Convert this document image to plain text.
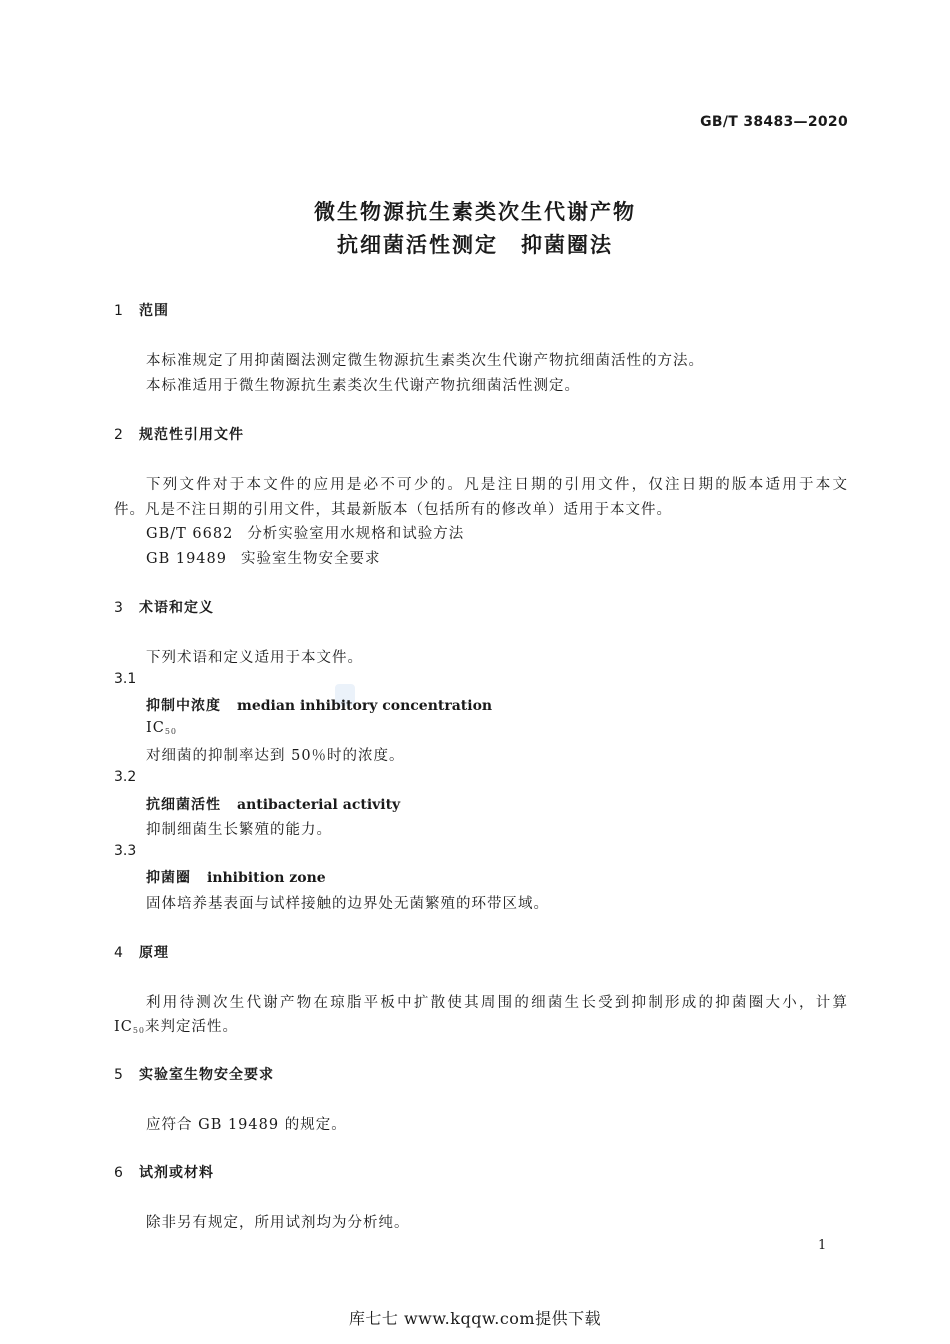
GB/T 38483—2020
微生物源抗生素类次生代谢产物
抗细菌活性测定　抑菌圈法
1 范围
本标准规定了用抑菌圈法测定微生物源抗生素类次生代谢产物抗细菌活性的方法。
本标准适用于微生物源抗生素类次生代谢产物抗细菌活性测定。
2 规范性引用文件
下列文件对于本文件的应用是必不可少的。凡是注日期的引用文件，仅注日期的版本适用于本文
件。凡是不注日期的引用文件，其最新版本（包括所有的修改单）适用于本文件。
GB/T 6682 分析实验室用水规格和试验方法
GB 19489 实验室生物安全要求
3 术语和定义
下列术语和定义适用于本文件。
3.1
抑制中浓度 median inhibitory concentration
$IC_{50}$
对细菌的抑制率达到 50％时的浓度。
3.2
抗细菌活性 antibacterial activity
抑制细菌生长繁殖的能力。
3.3
抑菌圈 inhibition zone
固体培养基表面与试样接触的边界处无菌繁殖的环带区域。
4 原理
利用待测次生代谢产物在琼脂平板中扩散使其周围的细菌生长受到抑制形成的抑菌圈大小，计算
$IC_{50}$来判定活性。
5 实验室生物安全要求
应符合 GB 19489 的规定。
6 试剂或材料
除非另有规定，所用试剂均为分析纯。
1
库七七 www.kqqw.com提供下载
